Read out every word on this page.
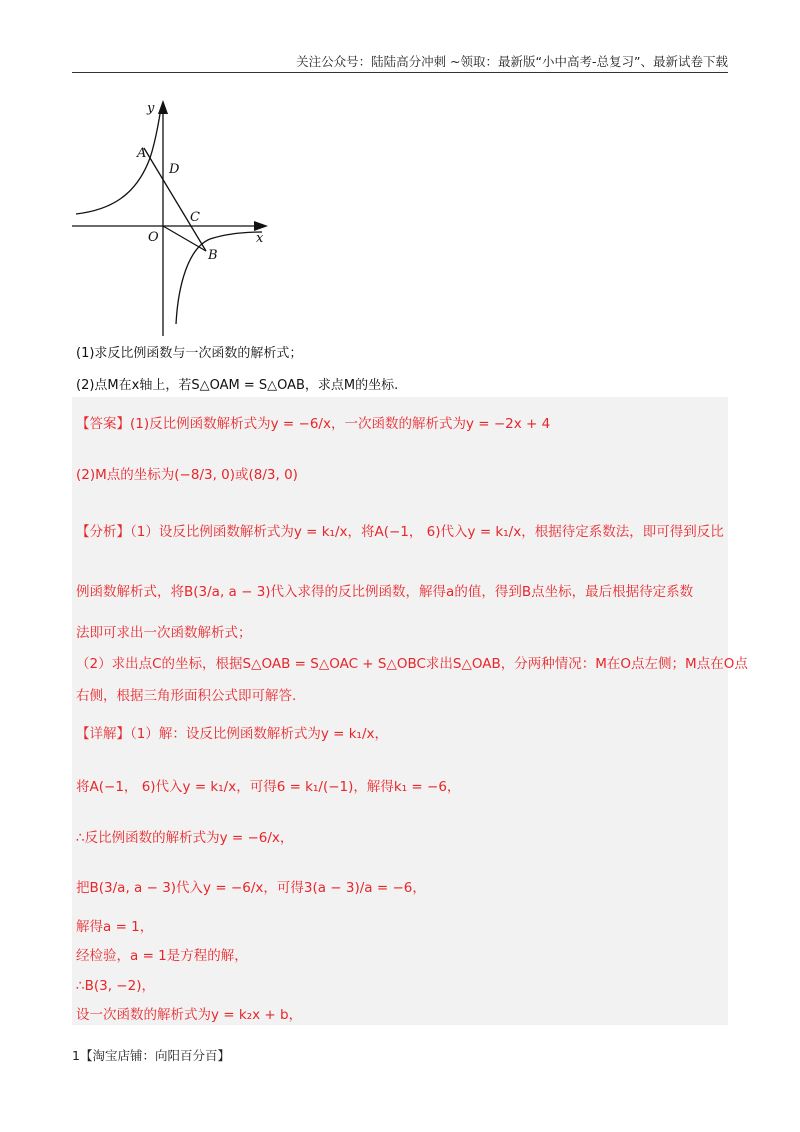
关注公众号：陆陆高分冲刺 ~领取：最新版“小中高考-总复习”、最新试卷下载
y
x
O
A
D
C
B
(1)求反比例函数与一次函数的解析式；
(2)点M在x轴上，若S△OAM = S△OAB，求点M的坐标.
【答案】(1)反比例函数解析式为y = −6/x，一次函数的解析式为y = −2x + 4
(2)M点的坐标为(−8/3, 0)或(8/3, 0)
【分析】（1）设反比例函数解析式为y = k₁/x，将A(−1， 6)代入y = k₁/x，根据待定系数法，即可得到反比
例函数解析式，将B(3/a, a − 3)代入求得的反比例函数，解得a的值，得到B点坐标，最后根据待定系数
法即可求出一次函数解析式；
（2）求出点C的坐标，根据S△OAB = S△OAC + S△OBC求出S△OAB，分两种情况：M在O点左侧；M点在O点
右侧，根据三角形面积公式即可解答.
【详解】（1）解：设反比例函数解析式为y = k₁/x，
将A(−1， 6)代入y = k₁/x，可得6 = k₁/(−1)，解得k₁ = −6，
∴反比例函数的解析式为y = −6/x，
把B(3/a, a − 3)代入y = −6/x，可得3(a − 3)/a = −6，
解得a = 1，
经检验，a = 1是方程的解，
∴B(3, −2)，
设一次函数的解析式为y = k₂x + b，
1【淘宝店铺：向阳百分百】
